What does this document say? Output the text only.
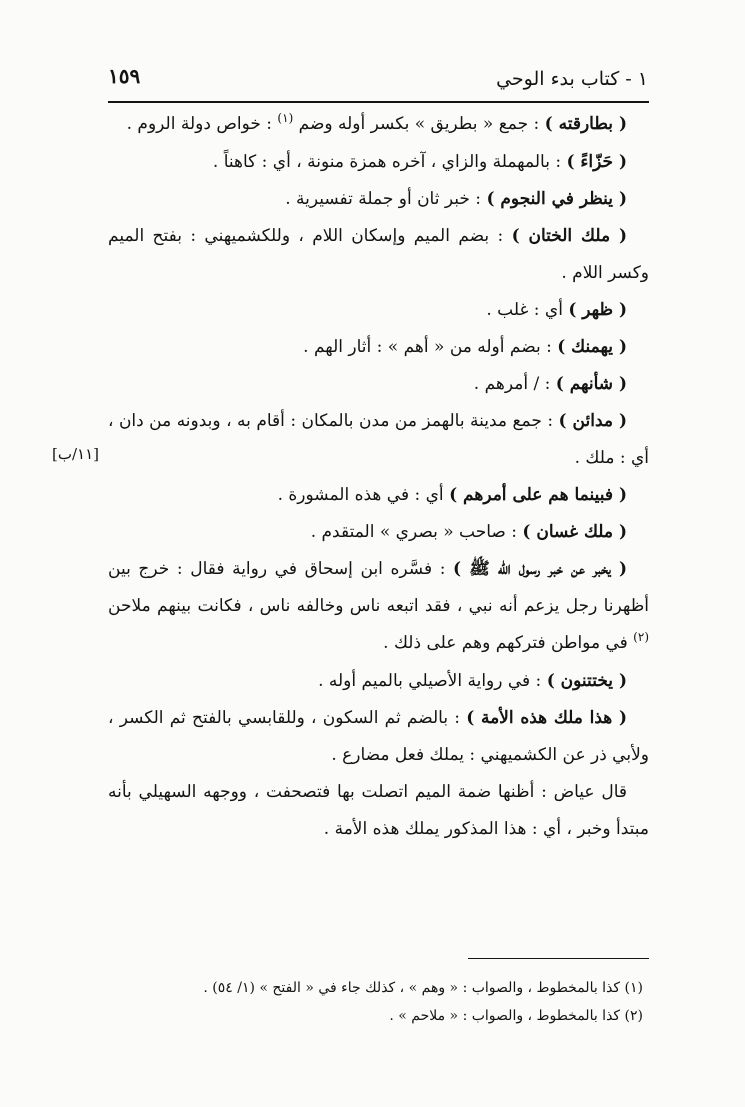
١ - كتاب بدء الوحي
١٥٩

( بطارقته ) : جمع « بطريق » بكسر أوله وضم $^{(١)}$ : خواص دولة الروم .

( حَزّاءً ) : بالمهملة والزاي ، آخره همزة منونة ، أي : كاهناً .

( ينظر في النجوم ) : خبر ثان أو جملة تفسيرية .

( ملك الختان ) : بضم الميم وإسكان اللام ، وللكشميهني : بفتح الميم وكسر اللام .

( ظهر ) أي : غلب .

( يهمنك ) : بضم أوله من « أهم » : أثار الهم .

( شأنهم ) : / أمرهم .

( مدائن ) : جمع مدينة بالهمز من مدن بالمكان : أقام به ، وبدونه من دان ، أي : ملك .

( فبينما هم على أمرهم ) أي : في هذه المشورة .

( ملك غسان ) : صاحب « بصري » المتقدم .

( يخبر عن خبر رسول الله ﷺ ) : فسَّره ابن إسحاق في رواية فقال : خرج بين أظهرنا رجل يزعم أنه نبي ، فقد اتبعه ناس وخالفه ناس ، فكانت بينهم ملاحن $^{(٢)}$ في مواطن فتركهم وهم على ذلك .

( يختتنون ) : في رواية الأصيلي بالميم أوله .

( هذا ملك هذه الأمة ) : بالضم ثم السكون ، وللقابسي بالفتح ثم الكسر ، ولأبي ذر عن الكشميهني : يملك فعل مضارع .

قال عياض : أظنها ضمة الميم اتصلت بها فتصحفت ، ووجهه السهيلي بأنه مبتدأ وخبر ، أي : هذا المذكور يملك هذه الأمة .

[١١/ب]

(١) كذا بالمخطوط ، والصواب : « وهم » ، كذلك جاء في « الفتح » (١/ ٥٤) .

(٢) كذا بالمخطوط ، والصواب : « ملاحم » .
